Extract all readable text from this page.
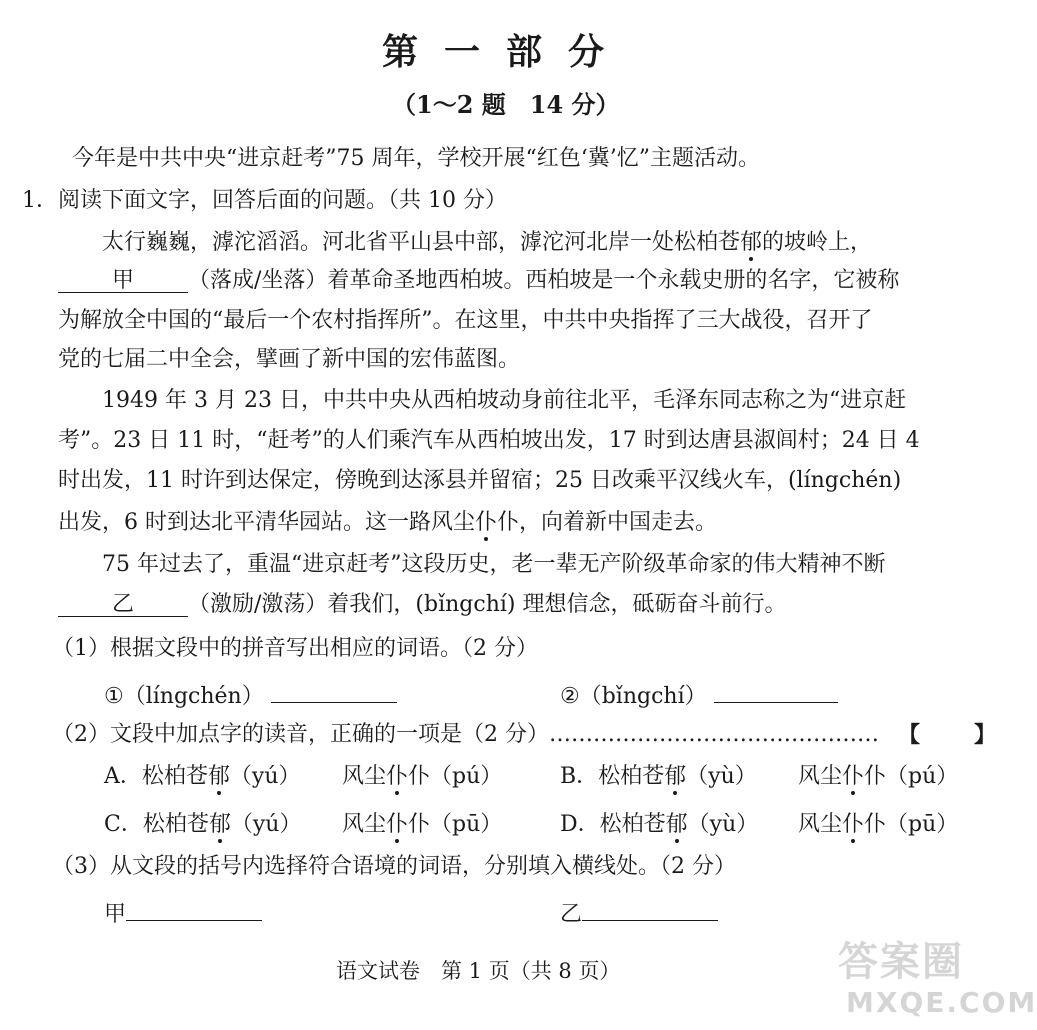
第一部分
（1～2 题　14 分）
今年是中共中央“进京赶考”75 周年，学校开展“红色‘冀’忆”主题活动。
1．阅读下面文字，回答后面的问题。（共 10 分）
太行巍巍，滹沱滔滔。河北省平山县中部，滹沱河北岸一处松柏苍郁的坡岭上，
甲 （落成/坐落）着革命圣地西柏坡。西柏坡是一个永载史册的名字，它被称
为解放全中国的“最后一个农村指挥所”。在这里，中共中央指挥了三大战役，召开了
党的七届二中全会，擘画了新中国的宏伟蓝图。
1949 年 3 月 23 日，中共中央从西柏坡动身前往北平，毛泽东同志称之为“进京赶
考”。23 日 11 时，“赶考”的人们乘汽车从西柏坡出发，17 时到达唐县淑闾村；24 日 4
时出发，11 时许到达保定，傍晚到达涿县并留宿；25 日改乘平汉线火车，(língchén)
出发，6 时到达北平清华园站。这一路风尘仆仆，向着新中国走去。
75 年过去了，重温“进京赶考”这段历史，老一辈无产阶级革命家的伟大精神不断
乙 （激励/激荡）着我们，(bǐngchí) 理想信念，砥砺奋斗前行。
（1）根据文段中的拼音写出相应的词语。（2 分）
①（língchén）	②（bǐngchí）
（2）文段中加点字的读音，正确的一项是（2 分）……………………………………… 【 】
A．松柏苍郁（yú） 风尘仆仆（pú）	B．松柏苍郁（yù） 风尘仆仆（pú）
C．松柏苍郁（yú） 风尘仆仆（pū）	D．松柏苍郁（yù） 风尘仆仆（pū）
（3）从文段的括号内选择符合语境的词语，分别填入横线处。（2 分）
甲	乙
语文试卷　第 1 页（共 8 页）	答案圈
MXQE.COM
